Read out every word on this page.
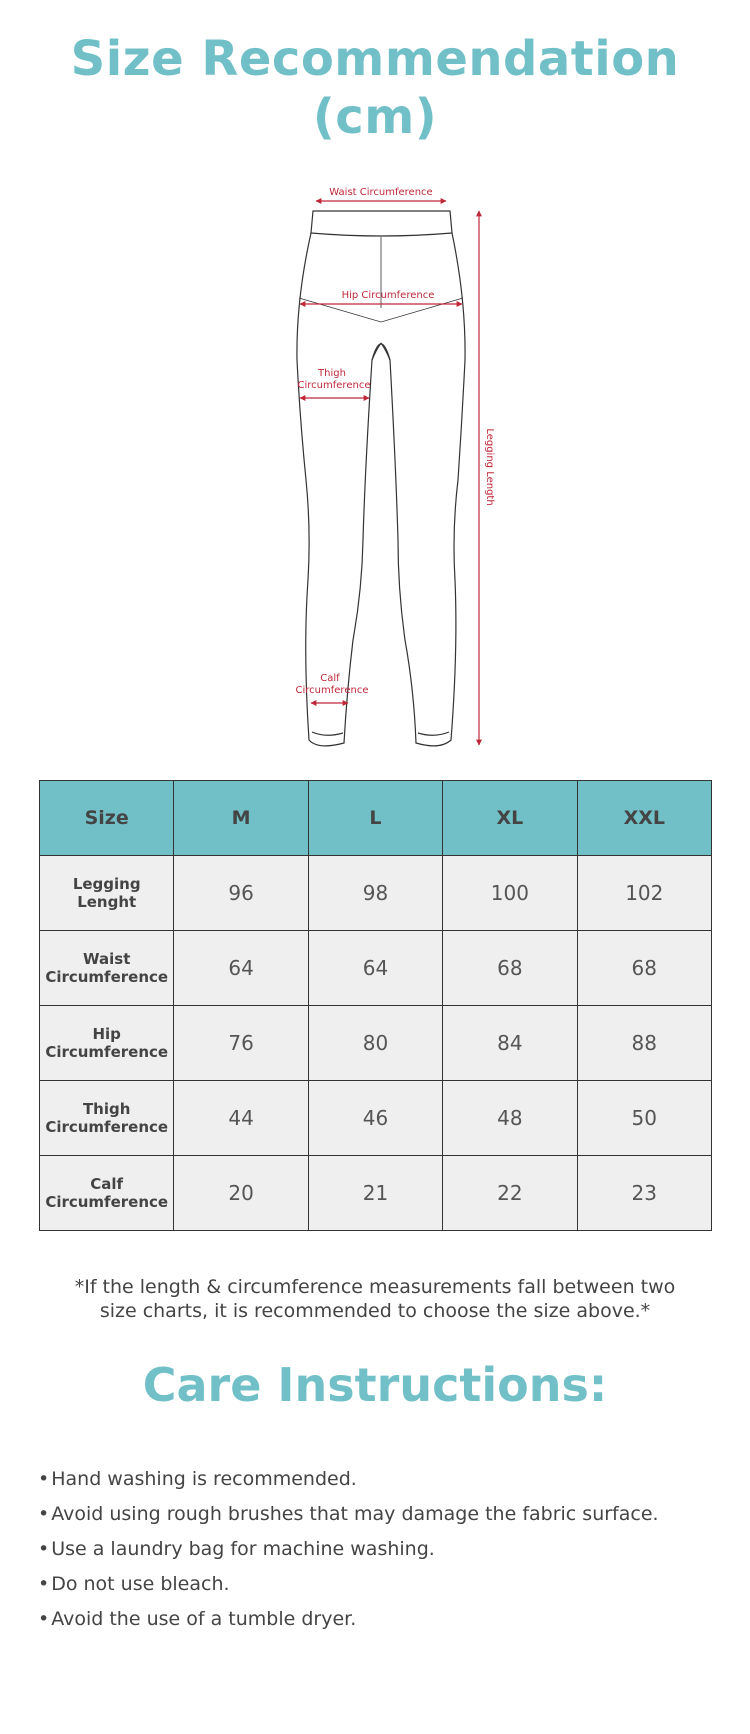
Size Recommendation
(cm)
Waist Circumference
Hip Circumference
Thigh
Circumference
Calf
Circumference
Legging Length
Size	M	L	XL	XXL
Legging
Lenght	96	98	100	102
Waist
Circumference	64	64	68	68
Hip
Circumference	76	80	84	88
Thigh
Circumference	44	46	48	50
Calf
Circumference	20	21	22	23
*If the length & circumference measurements fall between two
size charts, it is recommended to choose the size above.*
Care Instructions:
• Hand washing is recommended.
• Avoid using rough brushes that may damage the fabric surface.
• Use a laundry bag for machine washing.
• Do not use bleach.
• Avoid the use of a tumble dryer.
